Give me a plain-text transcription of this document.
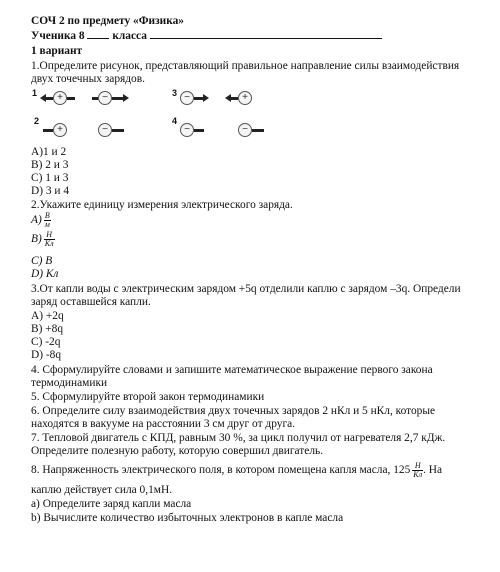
СОЧ 2 по предмету «Физика»
Ученика 8 класса
1 вариант
1.Определите рисунок, представляющий правильное направление силы взаимодействия
двух точечных зарядов.
1	+	−	3 −	+
2
+	−
4
−	−
A)1 и 2
B) 2 и 3
C) 1 и 3
D) 3 и 4
2.Укажите единицу измерения электрического заряда.
$A) \frac{В}{м}$
$B) \frac{Н}{Кл}$
C) В
D) Кл
3.От капли воды с электрическим зарядом +5q отделили каплю с зарядом –3q. Определи
заряд оставшейся капли.
A) +2q
B) +8q
C) -2q
D) -8q
4. Сформулируйте словами и запишите математическое выражение первого закона
термодинамики
5. Сформулируйте второй закон термодинамики
6. Определите силу взаимодействия двух точечных зарядов 2 нКл и 5 нКл, которые
находятся в вакууме на расстоянии 3 см друг от друга.
7. Тепловой двигатель с КПД, равным 30 %, за цикл получил от нагревателя 2,7 кДж.
Определите полезную работу, которую совершил двигатель.
8. Напряженность электрического поля, в котором помещена капля масла, $125 \frac{Н}{Кл}$ . На
каплю действует сила 0,1мН.
a) Определите заряд капли масла
b) Вычислите количество избыточных электронов в капле масла
